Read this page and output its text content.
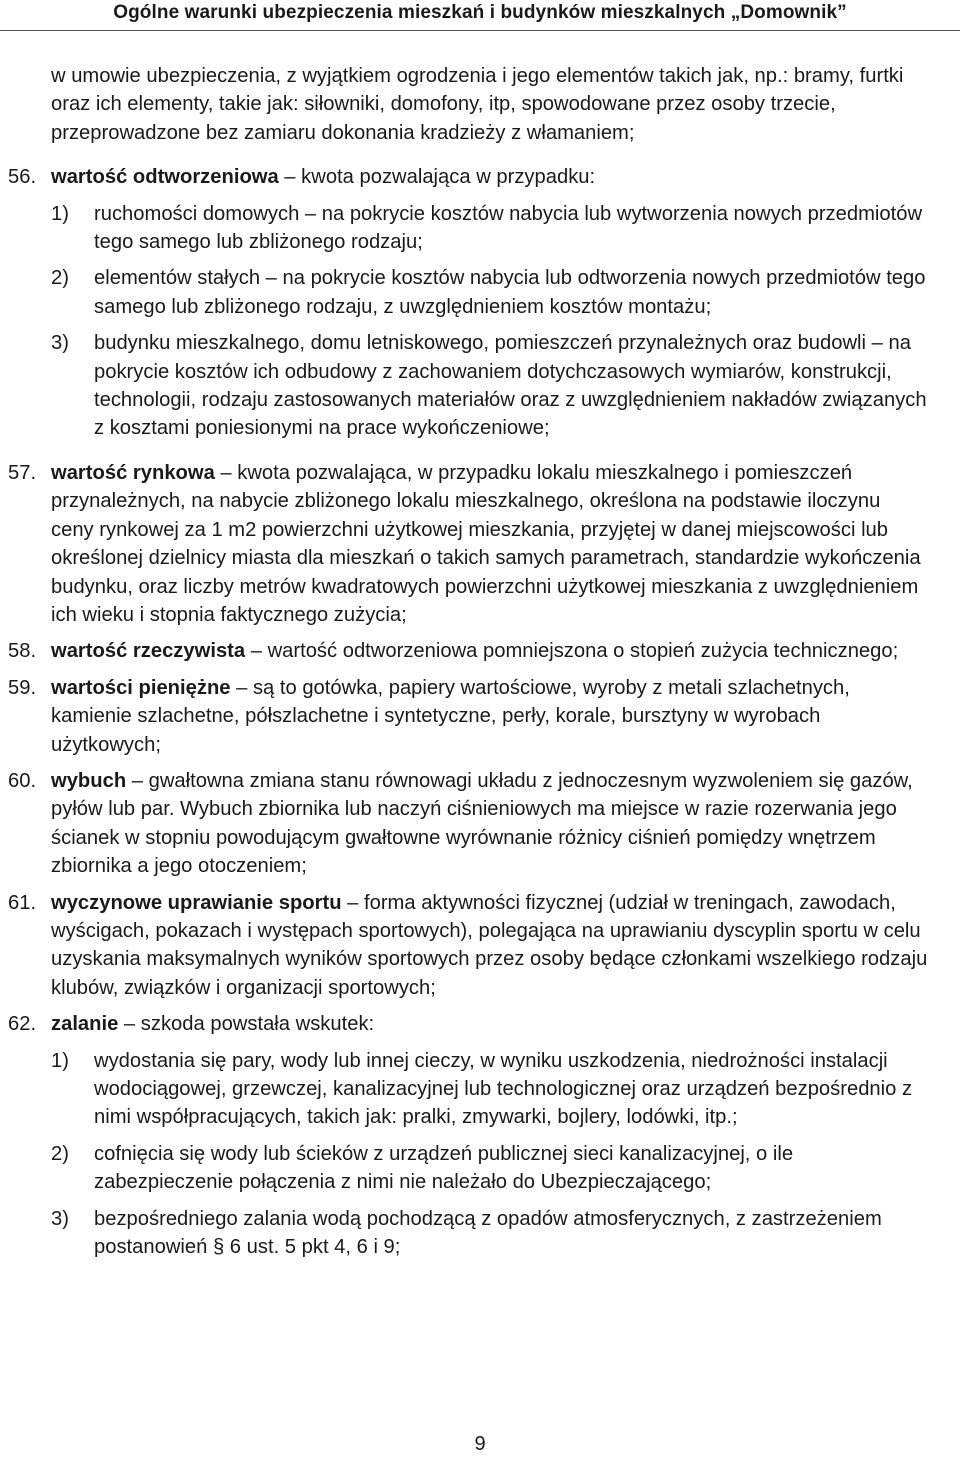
Ogólne warunki ubezpieczenia mieszkań i budynków mieszkalnych „Domownik”

w umowie ubezpieczenia, z wyjątkiem ogrodzenia i jego elementów takich jak, np.: bramy, furtki oraz ich elementy, takie jak: siłowniki, domofony, itp, spowodowane przez osoby trzecie, przeprowadzone bez zamiaru dokonania kradzieży z włamaniem;

56. wartość odtworzeniowa – kwota pozwalająca w przypadku:

1)	ruchomości domowych – na pokrycie kosztów nabycia lub wytworzenia nowych przedmiotów tego samego lub zbliżonego rodzaju;
2)	elementów stałych – na pokrycie kosztów nabycia lub odtworzenia nowych przedmiotów tego samego lub zbliżonego rodzaju, z uwzględnieniem kosztów montażu;
3)	budynku mieszkalnego, domu letniskowego, pomieszczeń przynależnych oraz budowli – na pokrycie kosztów ich odbudowy z zachowaniem dotychczasowych wymiarów, konstrukcji, technologii, rodzaju zastosowanych materiałów oraz z uwzględnieniem nakładów związanych z kosztami poniesionymi na prace wykończeniowe;
57. wartość rynkowa – kwota pozwalająca, w przypadku lokalu mieszkalnego i pomieszczeń przynależnych, na nabycie zbliżonego lokalu mieszkalnego, określona na podstawie iloczynu ceny rynkowej za 1 m2 powierzchni użytkowej mieszkania, przyjętej w danej miejscowości lub określonej dzielnicy miasta dla mieszkań o takich samych parametrach, standardzie wykończenia budynku, oraz liczby metrów kwadratowych powierzchni użytkowej mieszkania z uwzględnieniem ich wieku i stopnia faktycznego zużycia;

58. wartość rzeczywista – wartość odtworzeniowa pomniejszona o stopień zużycia technicznego;

59. wartości pieniężne – są to gotówka, papiery wartościowe, wyroby z metali szlachetnych, kamienie szlachetne, półszlachetne i syntetyczne, perły, korale, bursztyny w wyrobach użytkowych;

60. wybuch – gwałtowna zmiana stanu równowagi układu z jednoczesnym wyzwoleniem się gazów, pyłów lub par. Wybuch zbiornika lub naczyń ciśnieniowych ma miejsce w razie rozerwania jego ścianek w stopniu powodującym gwałtowne wyrównanie różnicy ciśnień pomiędzy wnętrzem zbiornika a jego otoczeniem;

61. wyczynowe uprawianie sportu – forma aktywności fizycznej (udział w treningach, zawodach, wyścigach, pokazach i występach sportowych), polegająca na uprawianiu dyscyplin sportu w celu uzyskania maksymalnych wyników sportowych przez osoby będące członkami wszelkiego rodzaju klubów, związków i organizacji sportowych;

62. zalanie – szkoda powstała wskutek:

1)	wydostania się pary, wody lub innej cieczy, w wyniku uszkodzenia, niedrożności instalacji wodociągowej, grzewczej, kanalizacyjnej lub technologicznej oraz urządzeń bezpośrednio z nimi współpracujących, takich jak: pralki, zmywarki, bojlery, lodówki, itp.;
2)	cofnięcia się wody lub ścieków z urządzeń publicznej sieci kanalizacyjnej, o ile zabezpieczenie połączenia z nimi nie należało do Ubezpieczającego;
3)	bezpośredniego zalania wodą pochodzącą z opadów atmosferycznych, z zastrzeżeniem postanowień § 6 ust. 5 pkt 4, 6 i 9;
9
